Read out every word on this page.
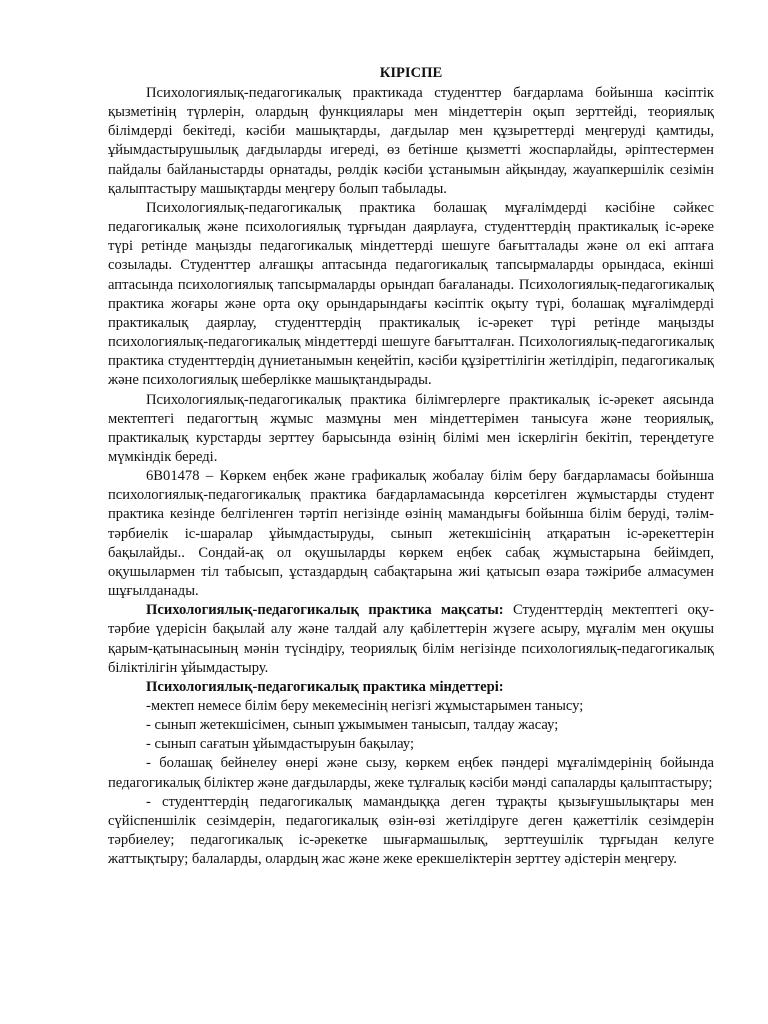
КІРІСПЕ

Психологиялық-педагогикалық практикада студенттер бағдарлама бойынша кәсіптік қызметінің түрлерін, олардың функциялары мен міндеттерін оқып зерттейді, теориялық білімдерді бекітеді, кәсіби машықтарды, дағдылар мен құзыреттерді меңгеруді қамтиды, ұйымдастырушылық дағдыларды игереді, өз бетінше қызметті жоспарлайды, әріптестермен пайдалы байланыстарды орнатады, рөлдік кәсіби ұстанымын айқындау, жауапкершілік сезімін қалыптастыру машықтарды меңгеру болып табылады.

Психологиялық-педагогикалық практика болашақ мұғалімдерді кәсібіне сәйкес педагогикалық және психологиялық тұрғыдан даярлауға, студенттердің практикалық іс-әреке түрі ретінде маңызды педагогикалық міндеттерді шешуге бағытталады және ол екі аптаға созылады. Студенттер алғашқы аптасында педагогикалық тапсырмаларды орындаса, екінші аптасында психологиялық тапсырмаларды орындап бағаланады. Психологиялық-педагогикалық практика жоғары және орта оқу орындарындағы кәсіптік оқыту түрі, болашақ мұғалімдерді практикалық даярлау, студенттердің практикалық іс-әрекет түрі ретінде маңызды психологиялық-педагогикалық міндеттерді шешуге бағытталған. Психологиялық-педагогикалық практика студенттердің дүниетанымын кеңейтіп, кәсіби құзіреттілігін жетілдіріп, педагогикалық және психологиялық шеберлікке машықтандырады.

Психологиялық-педагогикалық практика білімгерлерге практикалық іс-әрекет аясында мектептегі педагогтың жұмыс мазмұны мен міндеттерімен танысуға және теориялық, практикалық курстарды зерттеу барысында өзінің білімі мен іскерлігін бекітіп, тереңдетуге мүмкіндік береді.

6В01478 – Көркем еңбек және графикалық жобалау білім беру бағдарламасы бойынша психологиялық-педагогикалық практика бағдарламасында көрсетілген жұмыстарды студент практика кезінде белгіленген тәртіп негізінде өзінің мамандығы бойынша білім беруді, тәлім-тәрбиелік іс-шаралар ұйымдастыруды, сынып жетекшісінің атқаратын іс-әрекеттерін бақылайды.. Сондай-ақ ол оқушыларды көркем еңбек сабақ жұмыстарына бейімдеп, оқушылармен тіл табысып, ұстаздардың сабақтарына жиі қатысып өзара тәжірибе алмасумен шұғылданады.

Психологиялық-педагогикалық практика мақсаты: Студенттердің мектептегі оқу-тәрбие үдерісін бақылай алу және талдай алу қабілеттерін жүзеге асыру, мұғалім мен оқушы қарым-қатынасының мәнін түсіндіру, теориялық білім негізінде психологиялық-педагогикалық біліктілігін ұйымдастыру.

Психологиялық-педагогикалық практика міндеттері:

-мектеп немесе білім беру мекемесінің негізгі жұмыстарымен танысу;

- сынып жетекшісімен, сынып ұжымымен танысып, талдау жасау;

- сынып сағатын ұйымдастыруын бақылау;

- болашақ бейнелеу өнері және сызу, көркем еңбек пәндері мұғалімдерінің бойында педагогикалық біліктер және дағдыларды, жеке тұлғалық кәсіби мәнді сапаларды қалыптастыру;

- студенттердің педагогикалық мамандыққа деген тұрақты қызығушылықтары мен сүйіспеншілік сезімдерін, педагогикалық өзін-өзі жетілдіруге деген қажеттілік сезімдерін тәрбиелеу; педагогикалық іс-әрекетке шығармашылық, зерттеушілік тұрғыдан келуге жаттықтыру; балаларды, олардың жас және жеке ерекшеліктерін зерттеу әдістерін меңгеру.
